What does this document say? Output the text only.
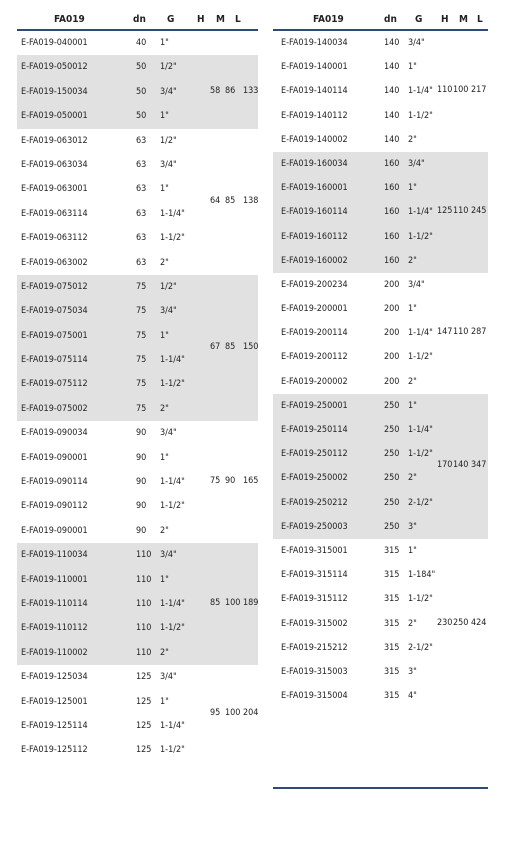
FA019	dn G H M L
E-FA019-040001	40 1"
E-FA019-050012	50 1/2"
E-FA019-150034	50 3/4"
E-FA019-050001	50 1"
58 86 133
E-FA019-063012	63 1/2"
E-FA019-063034	63 3/4"
E-FA019-063001	63 1"
E-FA019-063114	63 1-1/4"
E-FA019-063112	63 1-1/2"
E-FA019-063002	63 2"
64 85 138
E-FA019-075012	75 1/2"
E-FA019-075034	75 3/4"
E-FA019-075001	75 1"
E-FA019-075114	75 1-1/4"
E-FA019-075112	75 1-1/2"
E-FA019-075002	75 2"
67 85 150
E-FA019-090034	90 3/4"
E-FA019-090001	90 1"
E-FA019-090114	90 1-1/4"
E-FA019-090112	90 1-1/2"
E-FA019-090001	90 2"
75 90 165
E-FA019-110034	110 3/4"
E-FA019-110001	110 1"
E-FA019-110114	110 1-1/4"
E-FA019-110112	110 1-1/2"
E-FA019-110002	110 2"
85 100 189
E-FA019-125034	125 3/4"
E-FA019-125001	125 1"
E-FA019-125114	125 1-1/4"
E-FA019-125112	125 1-1/2"
95 100 204
FA019	dn G H M L
E-FA019-140034	140 3/4"
E-FA019-140001	140 1"
E-FA019-140114	140 1-1/4"
E-FA019-140112	140 1-1/2"
E-FA019-140002	140 2"
110 100 217
E-FA019-160034	160 3/4"
E-FA019-160001	160 1"
E-FA019-160114	160 1-1/4"
E-FA019-160112	160 1-1/2"
E-FA019-160002	160 2"
125 110 245
E-FA019-200234	200 3/4"
E-FA019-200001	200 1"
E-FA019-200114	200 1-1/4"
E-FA019-200112	200 1-1/2"
E-FA019-200002	200 2"
147 110 287
E-FA019-250001	250 1"
E-FA019-250114	250 1-1/4"
E-FA019-250112	250 1-1/2"
E-FA019-250002	250 2"
E-FA019-250212	250 2-1/2"
E-FA019-250003	250 3"
170 140 347
E-FA019-315001	315 1"
E-FA019-315114	315 1-184"
E-FA019-315112	315 1-1/2"
E-FA019-315002	315 2"
E-FA019-215212	315 2-1/2"
E-FA019-315003	315 3"
E-FA019-315004	315 4"
230 250 424
